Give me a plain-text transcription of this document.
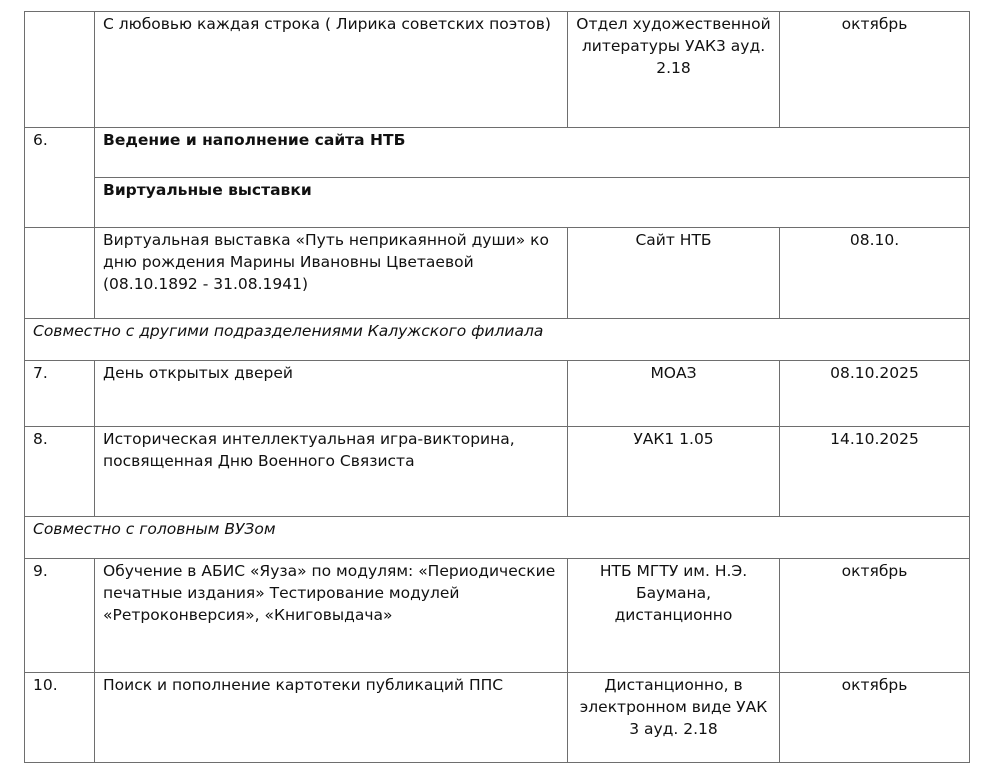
	С любовью каждая строка ( Лирика советских поэтов)	Отдел художественной литературы УАК3 ауд. 2.18	октябрь
6.	Ведение и наполнение сайта НТБ		
	Виртуальные выставки		
	Виртуальная выставка «Путь неприкаянной души» ко дню рождения Марины Ивановны Цветаевой (08.10.1892 - 31.08.1941)	Сайт НТБ	08.10.
Совместно с другими подразделениями Калужского филиала			
7.	День открытых дверей	МОАЗ	08.10.2025
8.	Историческая интеллектуальная игра-викторина, посвященная Дню Военного Связиста	УАК1 1.05	14.10.2025
Совместно с головным ВУЗом			
9.	Обучение в АБИС «Яуза» по модулям: «Периодические печатные издания» Тестирование модулей «Ретроконверсия», «Книговыдача»	НТБ МГТУ им. Н.Э. Баумана, дистанционно	октябрь
10.	Поиск и пополнение картотеки публикаций ППС	Дистанционно, в электронном виде УАК 3 ауд. 2.18	октябрь
